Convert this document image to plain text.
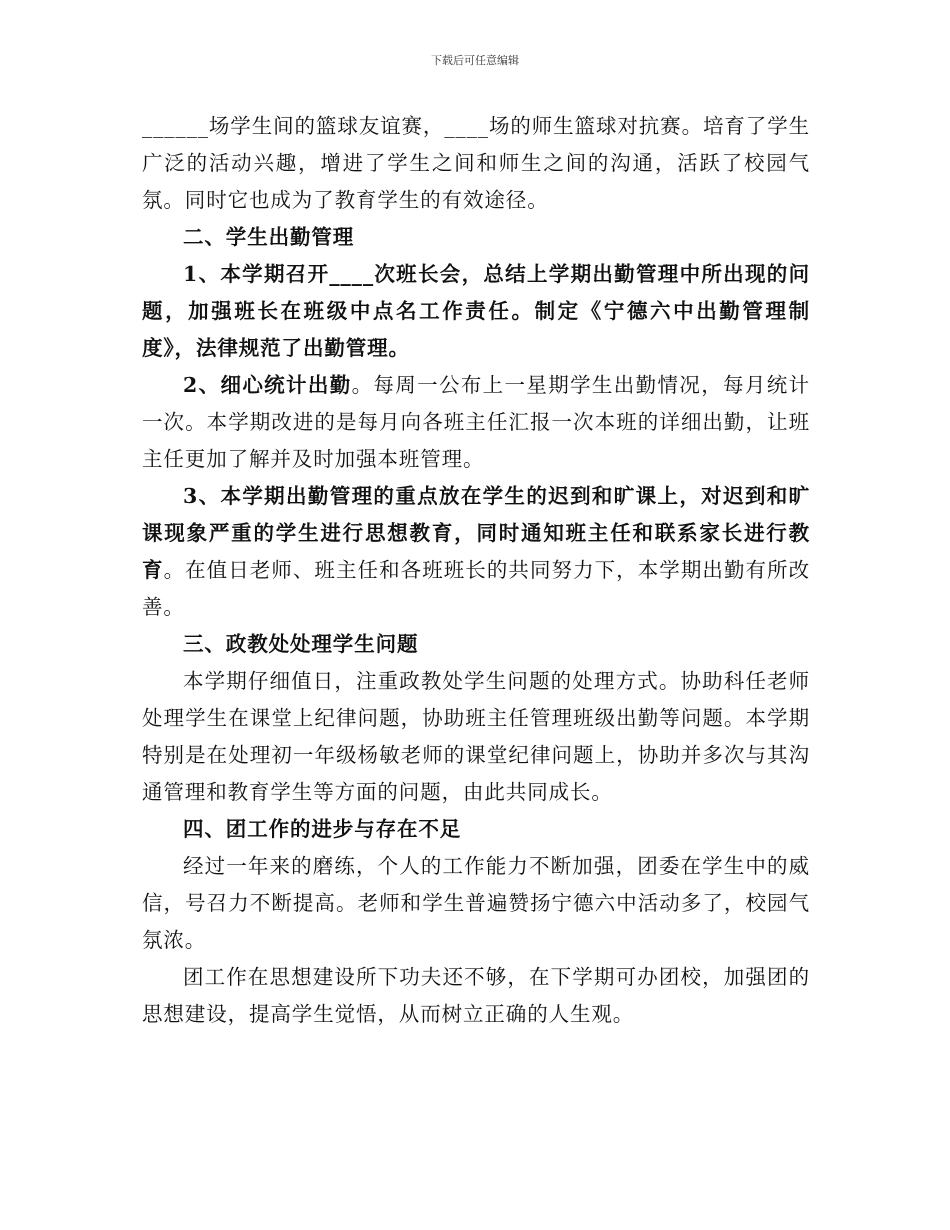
下载后可任意编辑

______场学生间的篮球友谊赛，____场的师生篮球对抗赛。培育了学生广泛的活动兴趣，增进了学生之间和师生之间的沟通，活跃了校园气氛。同时它也成为了教育学生的有效途径。

二、学生出勤管理

1、本学期召开____次班长会，总结上学期出勤管理中所出现的问题，加强班长在班级中点名工作责任。制定《宁德六中出勤管理制度》，法律规范了出勤管理。

2、细心统计出勤。每周一公布上一星期学生出勤情况，每月统计一次。本学期改进的是每月向各班主任汇报一次本班的详细出勤，让班主任更加了解并及时加强本班管理。

3、本学期出勤管理的重点放在学生的迟到和旷课上，对迟到和旷课现象严重的学生进行思想教育，同时通知班主任和联系家长进行教育。在值日老师、班主任和各班班长的共同努力下，本学期出勤有所改善。

三、政教处处理学生问题

本学期仔细值日，注重政教处学生问题的处理方式。协助科任老师处理学生在课堂上纪律问题，协助班主任管理班级出勤等问题。本学期特别是在处理初一年级杨敏老师的课堂纪律问题上，协助并多次与其沟通管理和教育学生等方面的问题，由此共同成长。

四、团工作的进步与存在不足

经过一年来的磨练，个人的工作能力不断加强，团委在学生中的威信，号召力不断提高。老师和学生普遍赞扬宁德六中活动多了，校园气氛浓。

团工作在思想建设所下功夫还不够，在下学期可办团校，加强团的思想建设，提高学生觉悟，从而树立正确的人生观。
